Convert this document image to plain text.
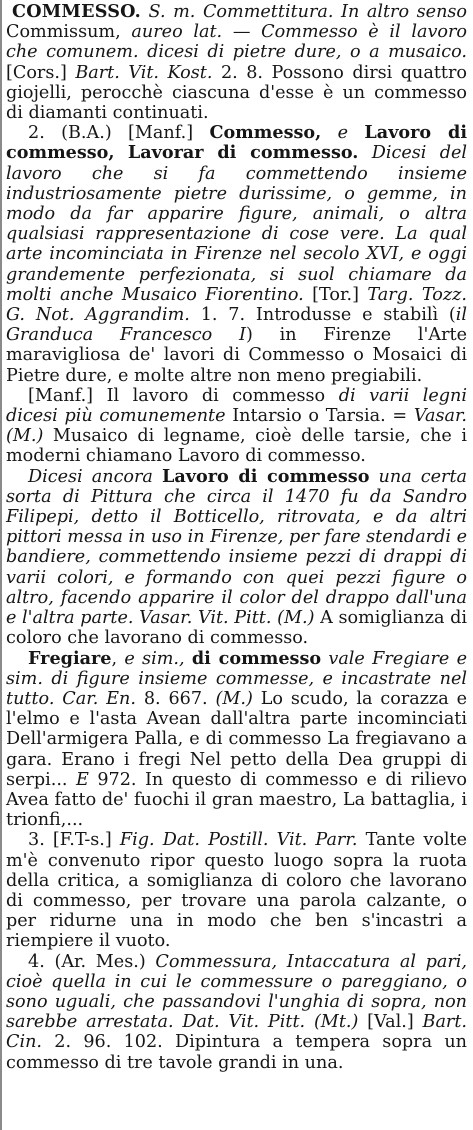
COMMESSO. S. m. Commettitura. In altro senso Commissum, aureo lat. — Commesso è il lavoro che comunem. dicesi di pietre dure, o a musaico. [Cors.] Bart. Vit. Kost. 2. 8. Possono dirsi quattro giojelli, perocchè ciascuna d'esse è un commesso di diamanti continuati.

2. (B.A.) [Manf.] Commesso, e Lavoro di commesso, Lavorar di commesso. Dicesi del lavoro che si fa commettendo insieme industriosamente pietre durissime, o gemme, in modo da far apparire figure, animali, o altra qualsiasi rappresentazione di cose vere. La qual arte incominciata in Firenze nel secolo XVI, e oggi grandemente perfezionata, si suol chiamare da molti anche Musaico Fiorentino. [Tor.] Targ. Tozz. G. Not. Aggrandim. 1. 7. Introdusse e stabilì (il Granduca Francesco I) in Firenze l'Arte maravigliosa de' lavori di Commesso o Mosaici di Pietre dure, e molte altre non meno pregiabili.

[Manf.] Il lavoro di commesso di varii legni dicesi più comunemente Intarsio o Tarsia. = Vasar. (M.) Musaico di legname, cioè delle tarsie, che i moderni chiamano Lavoro di commesso.

Dicesi ancora Lavoro di commesso una certa sorta di Pittura che circa il 1470 fu da Sandro Filipepi, detto il Botticello, ritrovata, e da altri pittori messa in uso in Firenze, per fare stendardi e bandiere, commettendo insieme pezzi di drappi di varii colori, e formando con quei pezzi figure o altro, facendo apparire il color del drappo dall'una e l'altra parte. Vasar. Vit. Pitt. (M.) A somiglianza di coloro che lavorano di commesso.

Fregiare, e sim., di commesso vale Fregiare e sim. di figure insieme commesse, e incastrate nel tutto. Car. En. 8. 667. (M.) Lo scudo, la corazza e l'elmo e l'asta Avean dall'altra parte incominciati Dell'armigera Palla, e di commesso La fregiavano a gara. Erano i fregi Nel petto della Dea gruppi di serpi... E 972. In questo di commesso e di rilievo Avea fatto de' fuochi il gran maestro, La battaglia, i trionfi,...

3. [F.T-s.] Fig. Dat. Postill. Vit. Parr. Tante volte m'è convenuto ripor questo luogo sopra la ruota della critica, a somiglianza di coloro che lavorano di commesso, per trovare una parola calzante, o per ridurne una in modo che ben s'incastri a riempiere il vuoto.

4. (Ar. Mes.) Commessura, Intaccatura al pari, cioè quella in cui le commessure o pareggiano, o sono uguali, che passandovi l'unghia di sopra, non sarebbe arrestata. Dat. Vit. Pitt. (Mt.) [Val.] Bart. Cin. 2. 96. 102. Dipintura a tempera sopra un commesso di tre tavole grandi in una.
